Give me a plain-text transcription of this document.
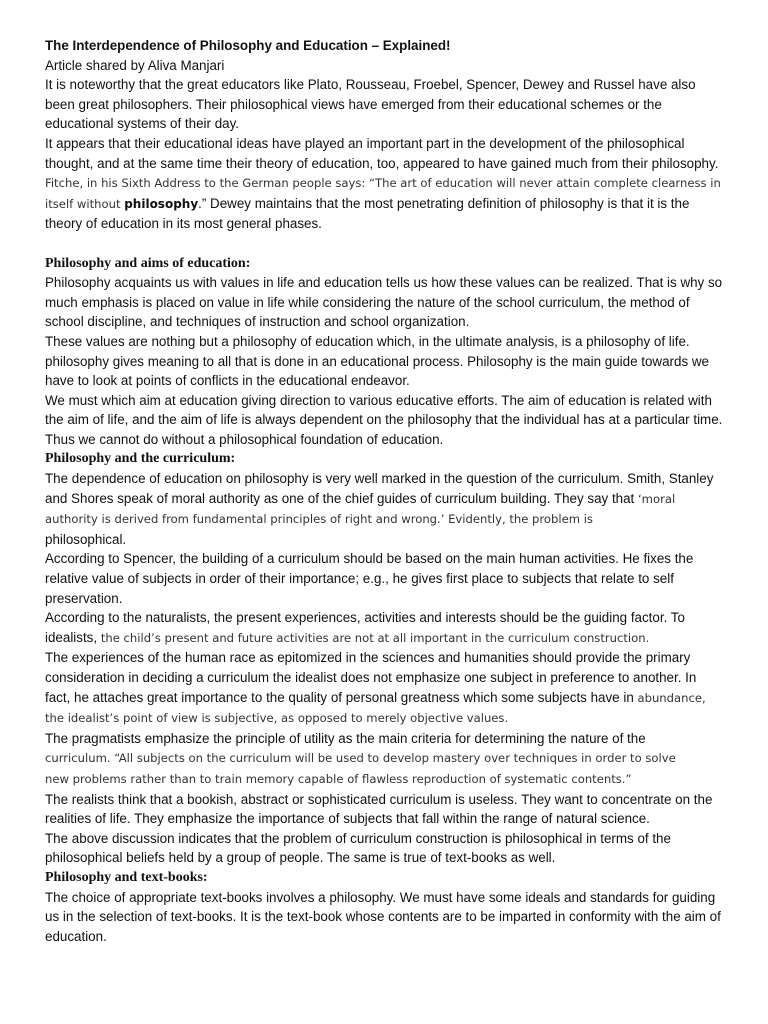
The Interdependence of Philosophy and Education – Explained!

Article shared by Aliva Manjari

It is noteworthy that the great educators like Plato, Rousseau, Froebel, Spencer, Dewey and Russel have also been great philosophers. Their philosophical views have emerged from their educational schemes or the educational systems of their day.

It appears that their educational ideas have played an important part in the development of the philosophical thought, and at the same time their theory of education, too, appeared to have gained much from their philosophy.

Fitche, in his Sixth Address to the German people says: “The art of education will never attain complete clearness in itself without philosophy.” Dewey maintains that the most penetrating definition of philosophy is that it is the theory of education in its most general phases.

Philosophy and aims of education:

Philosophy acquaints us with values in life and education tells us how these values can be realized. That is why so much emphasis is placed on value in life while considering the nature of the school curriculum, the method of school discipline, and techniques of instruction and school organization.

These values are nothing but a philosophy of education which, in the ultimate analysis, is a philosophy of life. philosophy gives meaning to all that is done in an educational process. Philosophy is the main guide towards we have to look at points of conflicts in the educational endeavor.

We must which aim at education giving direction to various educative efforts. The aim of education is related with the aim of life, and the aim of life is always dependent on the philosophy that the individual has at a particular time. Thus we cannot do without a philosophical foundation of education.

Philosophy and the curriculum:

The dependence of education on philosophy is very well marked in the question of the curriculum. Smith, Stanley and Shores speak of moral authority as one of the chief guides of curriculum building. They say that ‘moral authority is derived from fundamental principles of right and wrong.’ Evidently, the problem is
philosophical.

According to Spencer, the building of a curriculum should be based on the main human activities. He fixes the relative value of subjects in order of their importance; e.g., he gives first place to subjects that relate to self preservation.

According to the naturalists, the present experiences, activities and interests should be the guiding factor. To idealists, the child’s present and future activities are not at all important in the curriculum construction.

The experiences of the human race as epitomized in the sciences and humanities should provide the primary consideration in deciding a curriculum the idealist does not emphasize one subject in preference to another. In fact, he attaches great importance to the quality of personal greatness which some subjects have in abundance, the idealist’s point of view is subjective, as opposed to merely objective values.

The pragmatists emphasize the principle of utility as the main criteria for determining the nature of the
curriculum. “All subjects on the curriculum will be used to develop mastery over techniques in order to solve
new problems rather than to train memory capable of flawless reproduction of systematic contents.”

The realists think that a bookish, abstract or sophisticated curriculum is useless. They want to concentrate on the realities of life. They emphasize the importance of subjects that fall within the range of natural science.

The above discussion indicates that the problem of curriculum construction is philosophical in terms of the philosophical beliefs held by a group of people. The same is true of text-books as well.

Philosophy and text-books:

The choice of appropriate text-books involves a philosophy. We must have some ideals and standards for guiding us in the selection of text-books. It is the text-book whose contents are to be imparted in conformity with the aim of education.
